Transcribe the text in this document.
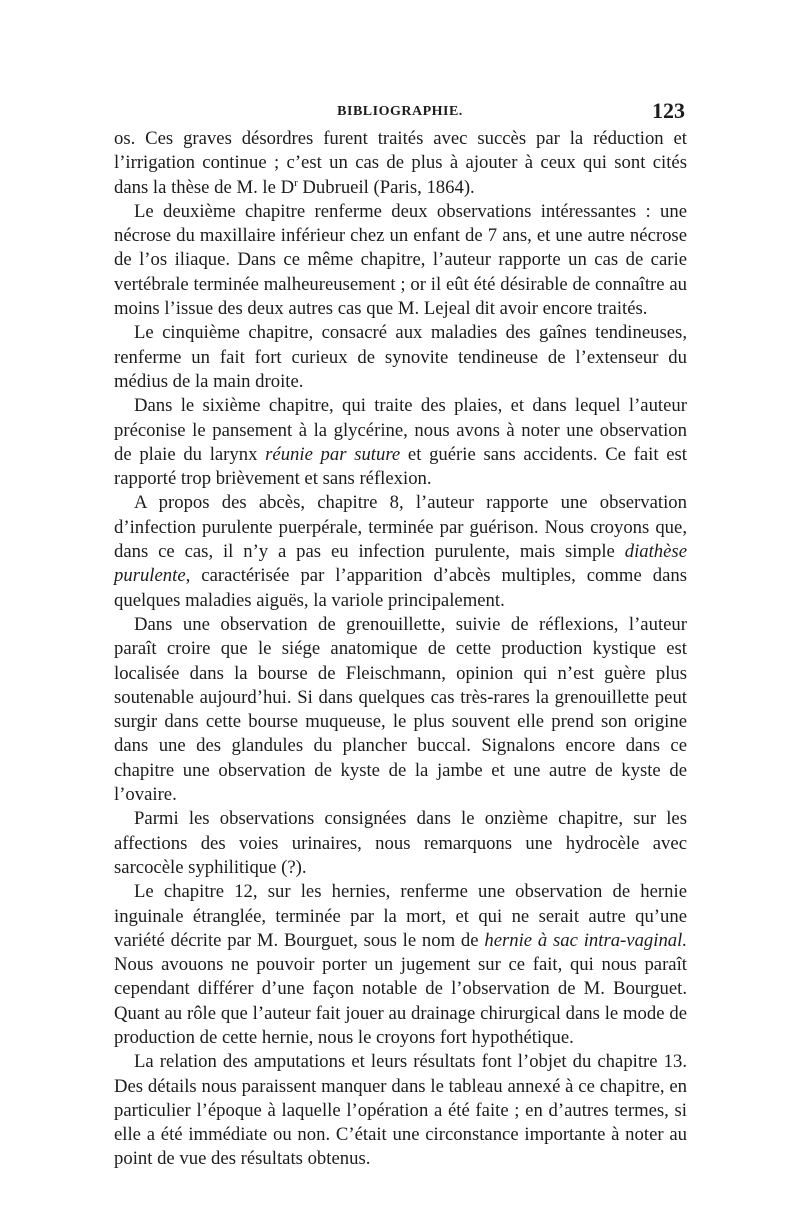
BIBLIOGRAPHIE.	123

os. Ces graves désordres furent traités avec succès par la réduction et l’irrigation continue ; c’est un cas de plus à ajouter à ceux qui sont cités dans la thèse de M. le $D^r$ Dubrueil (Paris, 1864).

Le deuxième chapitre renferme deux observations intéressantes : une nécrose du maxillaire inférieur chez un enfant de 7 ans, et une autre nécrose de l’os iliaque. Dans ce même chapitre, l’auteur rapporte un cas de carie vertébrale terminée malheureusement ; or il eût été désirable de connaître au moins l’issue des deux autres cas que M. Lejeal dit avoir encore traités.

Le cinquième chapitre, consacré aux maladies des gaînes tendineuses, renferme un fait fort curieux de synovite tendineuse de l’extenseur du médius de la main droite.

Dans le sixième chapitre, qui traite des plaies, et dans lequel l’auteur préconise le pansement à la glycérine, nous avons à noter une observation de plaie du larynx réunie par suture et guérie sans accidents. Ce fait est rapporté trop brièvement et sans réflexion.

A propos des abcès, chapitre 8, l’auteur rapporte une observation d’infection purulente puerpérale, terminée par guérison. Nous croyons que, dans ce cas, il n’y a pas eu infection purulente, mais simple diathèse purulente, caractérisée par l’apparition d’abcès multiples, comme dans quelques maladies aiguës, la variole principalement.

Dans une observation de grenouillette, suivie de réflexions, l’auteur paraît croire que le siége anatomique de cette production kystique est localisée dans la bourse de Fleischmann, opinion qui n’est guère plus soutenable aujourd’hui. Si dans quelques cas très-rares la grenouillette peut surgir dans cette bourse muqueuse, le plus souvent elle prend son origine dans une des glandules du plancher buccal. Signalons encore dans ce chapitre une observation de kyste de la jambe et une autre de kyste de l’ovaire.

Parmi les observations consignées dans le onzième chapitre, sur les affections des voies urinaires, nous remarquons une hydrocèle avec sarcocèle syphilitique (?).

Le chapitre 12, sur les hernies, renferme une observation de hernie inguinale étranglée, terminée par la mort, et qui ne serait autre qu’une variété décrite par M. Bourguet, sous le nom de hernie à sac intra-vaginal. Nous avouons ne pouvoir porter un jugement sur ce fait, qui nous paraît cependant différer d’une façon notable de l’observation de M. Bourguet. Quant au rôle que l’auteur fait jouer au drainage chirurgical dans le mode de production de cette hernie, nous le croyons fort hypothétique.

La relation des amputations et leurs résultats font l’objet du chapitre 13. Des détails nous paraissent manquer dans le tableau annexé à ce chapitre, en particulier l’époque à laquelle l’opération a été faite ; en d’autres termes, si elle a été immédiate ou non. C’était une circonstance importante à noter au point de vue des résultats obtenus.
